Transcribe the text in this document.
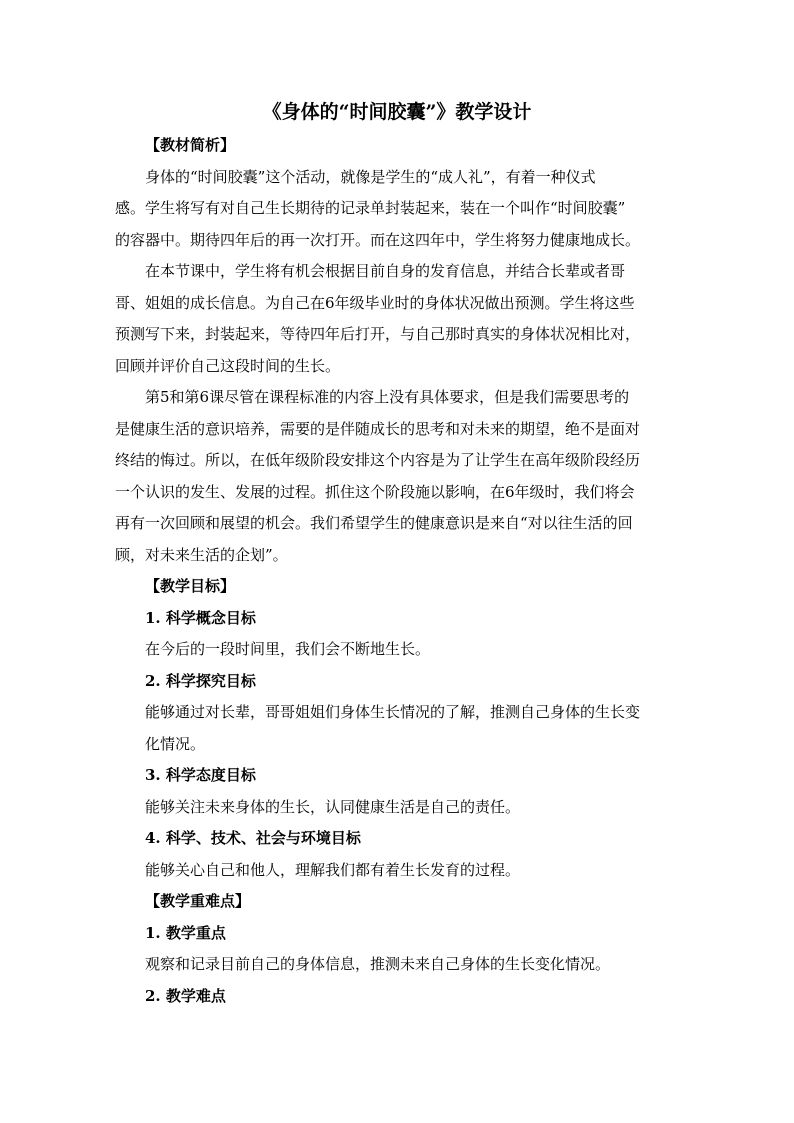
《身体的“时间胶囊”》教学设计
【教材简析】
身体的“时间胶囊”这个活动，就像是学生的“成人礼”，有着一种仪式
感。学生将写有对自己生长期待的记录单封装起来，装在一个叫作“时间胶囊”
的容器中。期待四年后的再一次打开。而在这四年中，学生将努力健康地成长。
在本节课中，学生将有机会根据目前自身的发育信息，并结合长辈或者哥
哥、姐姐的成长信息。为自己在6年级毕业时的身体状况做出预测。学生将这些
预测写下来，封装起来，等待四年后打开，与自己那时真实的身体状况相比对，
回顾并评价自己这段时间的生长。
第5和第6课尽管在课程标准的内容上没有具体要求，但是我们需要思考的
是健康生活的意识培养，需要的是伴随成长的思考和对未来的期望，绝不是面对
终结的悔过。所以，在低年级阶段安排这个内容是为了让学生在高年级阶段经历
一个认识的发生、发展的过程。抓住这个阶段施以影响，在6年级时，我们将会
再有一次回顾和展望的机会。我们希望学生的健康意识是来自“对以往生活的回
顾，对未来生活的企划”。
【教学目标】
1. 科学概念目标
在今后的一段时间里，我们会不断地生长。
2. 科学探究目标
能够通过对长辈，哥哥姐姐们身体生长情况的了解，推测自己身体的生长变
化情况。
3. 科学态度目标
能够关注未来身体的生长，认同健康生活是自己的责任。
4. 科学、技术、社会与环境目标
能够关心自己和他人，理解我们都有着生长发育的过程。
【教学重难点】
1. 教学重点
观察和记录目前自己的身体信息，推测未来自己身体的生长变化情况。
2. 教学难点
